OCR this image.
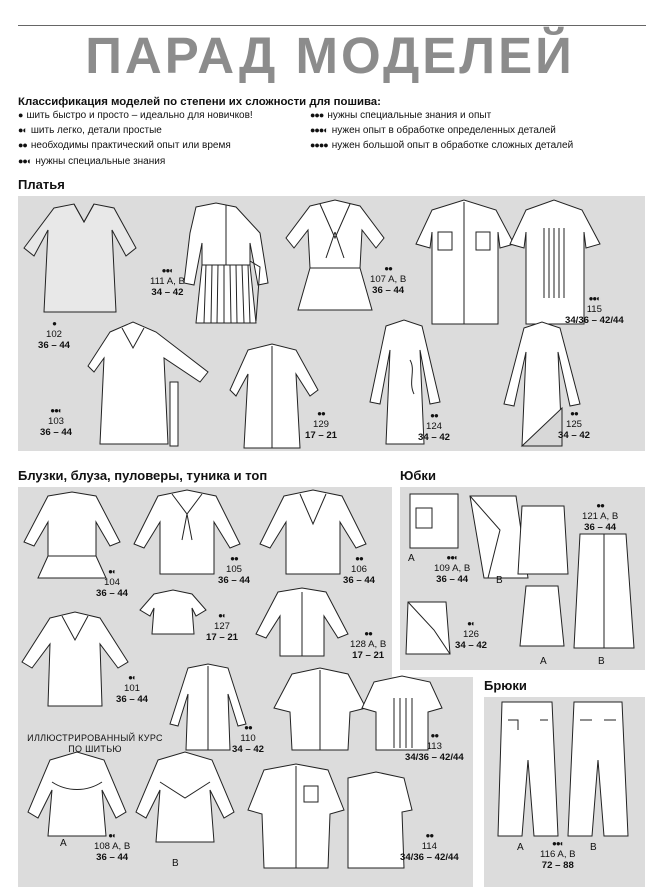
ПАРАД МОДЕЛЕЙ
Классификация моделей по степени их сложности для пошива:
● шить быстро и просто – идеально для новичков!
●◐ шить легко, детали простые
●● необходимы практический опыт или время
●●◐ нужны специальные знания
●●● нужны специальные знания и опыт
●●●◐ нужен опыт в обработке определенных деталей
●●●● нужен большой опыт в обработке сложных деталей
Платья
●
102
36 – 44
●●◐
111 A, B
34 – 42
●●
107 A, B
36 – 44
●●◐
115
34/36 – 42/44
●●◐
103
36 – 44
●●
129
17 – 21
●●
124
34 – 42
●●
125
34 – 42
Блузки, блуза, пуловеры, туника и топ
●◐
104
36 – 44
●●
105
36 – 44
●●
106
36 – 44
●◐
127
17 – 21	●●
128 A, B
17 – 21
●◐
101
36 – 44
●●
110
34 – 42
●●
113
34/36 – 42/44
ИЛЛЮСТРИРОВАННЫЙ КУРС ПО ШИТЬЮ
A
B
●◐
108 A, B
36 – 44
●●
114
34/36 – 42/44
Юбки
A
B
●●◐
109 A, B
36 – 44
●●
121 A, B
36 – 44
●◐
126
34 – 42
A	B
Брюки
A	B
●●◐
116 A, B
72 – 88
